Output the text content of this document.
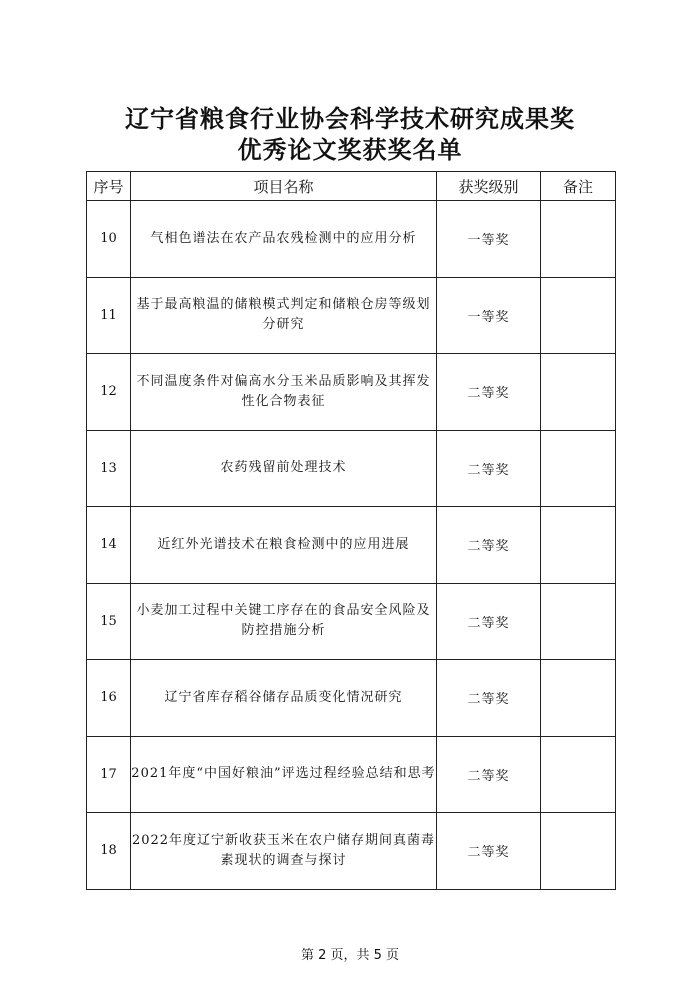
辽宁省粮食行业协会科学技术研究成果奖
优秀论文奖获奖名单
序号	项目名称	获奖级别	备注
10	气相色谱法在农产品农残检测中的应用分析	一等奖	
11	基于最高粮温的储粮模式判定和储粮仓房等级划分研究	一等奖	
12	不同温度条件对偏高水分玉米品质影响及其挥发性化合物表征	二等奖	
13	农药残留前处理技术	二等奖	
14	近红外光谱技术在粮食检测中的应用进展	二等奖	
15	小麦加工过程中关键工序存在的食品安全风险及防控措施分析	二等奖	
16	辽宁省库存稻谷储存品质变化情况研究	二等奖	
17	2021年度“中国好粮油”评选过程经验总结和思考	二等奖	
18	2022年度辽宁新收获玉米在农户储存期间真菌毒素现状的调查与探讨	二等奖	
第 2 页，共 5 页
